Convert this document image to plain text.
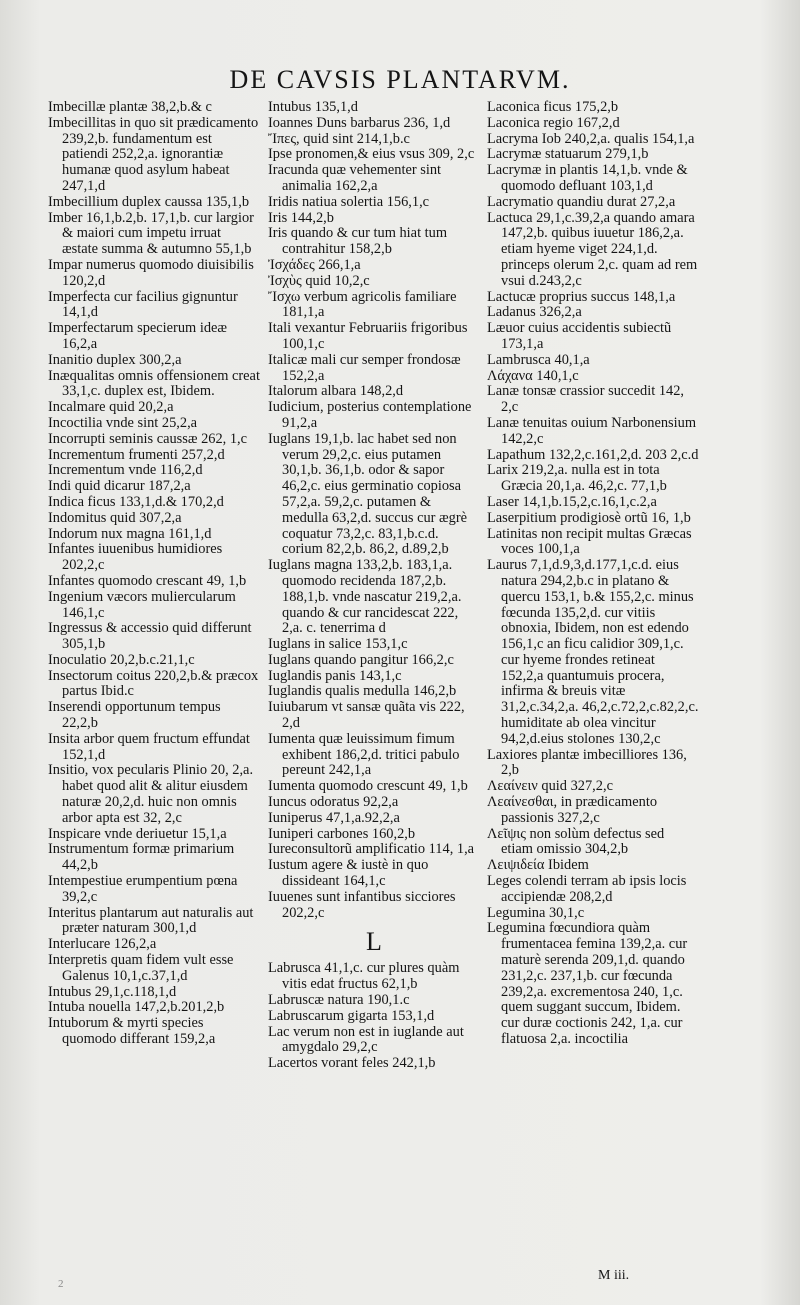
DE CAVSIS PLANTARVM.

Imbecillæ plantæ 38,2,b.& c

Imbecillitas in quo sit prædicamento 239,2,b. fundamentum est patiendi 252,2,a. ignorantiæ humanæ quod asylum habeat 247,1,d

Imbecillium duplex caussa 135,1,b

Imber 16,1,b.2,b. 17,1,b. cur largior & maiori cum impetu irruat æstate summa & autumno 55,1,b

Impar numerus quomodo diuisibilis 120,2,d

Imperfecta cur facilius gignuntur 14,1,d

Imperfectarum specierum ideæ 16,2,a

Inanitio duplex 300,2,a

Inæqualitas omnis offensionem creat 33,1,c. duplex est, Ibidem.

Incalmare quid 20,2,a

Incoctilia vnde sint 25,2,a

Incorrupti seminis caussæ 262, 1,c

Incrementum frumenti 257,2,d

Incrementum vnde 116,2,d

Indi quid dicarur 187,2,a

Indica ficus 133,1,d.& 170,2,d

Indomitus quid 307,2,a

Indorum nux magna 161,1,d

Infantes iuuenibus humidiores 202,2,c

Infantes quomodo crescant 49, 1,b

Ingenium væcors muliercularum 146,1,c

Ingressus & accessio quid differunt 305,1,b

Inoculatio 20,2,b.c.21,1,c

Insectorum coitus 220,2,b.& præcox partus Ibid.c

Inserendi opportunum tempus 22,2,b

Insita arbor quem fructum effundat 152,1,d

Insitio, vox pecularis Plinio 20, 2,a. habet quod alit & alitur eiusdem naturæ 20,2,d. huic non omnis arbor apta est 32, 2,c

Inspicare vnde deriuetur 15,1,a

Instrumentum formæ primarium 44,2,b

Intempestiue erumpentium pœna 39,2,c

Interitus plantarum aut naturalis aut præter naturam 300,1,d

Interlucare 126,2,a

Interpretis quam fidem vult esse Galenus 10,1,c.37,1,d

Intubus 29,1,c.118,1,d

Intuba nouella 147,2,b.201,2,b

Intuborum & myrti species quomodo differant 159,2,a

Intubus 135,1,d

Ioannes Duns barbarus 236, 1,d

Ἴπες, quid sint 214,1,b.c

Ipse pronomen,& eius vsus 309, 2,c

Iracunda quæ vehementer sint animalia 162,2,a

Iridis natiua solertia 156,1,c

Iris 144,2,b

Iris quando & cur tum hiat tum contrahitur 158,2,b

Ἰσχάδες 266,1,a

Ἰσχὺς quid 10,2,c

Ἴσχω verbum agricolis familiare 181,1,a

Itali vexantur Februariis frigoribus 100,1,c

Italicæ mali cur semper frondosæ 152,2,a

Italorum albara 148,2,d

Iudicium, posterius contemplatione 91,2,a

Iuglans 19,1,b. lac habet sed non verum 29,2,c. eius putamen 30,1,b. 36,1,b. odor & sapor 46,2,c. eius germinatio copiosa 57,2,a. 59,2,c. putamen & medulla 63,2,d. succus cur ægrè coquatur 73,2,c. 83,1,b.c.d. corium 82,2,b. 86,2, d.89,2,b

Iuglans magna 133,2,b. 183,1,a. quomodo recidenda 187,2,b. 188,1,b. vnde nascatur 219,2,a. quando & cur rancidescat 222, 2,a. c. tenerrima d

Iuglans in salice 153,1,c

Iuglans quando pangitur 166,2,c

Iuglandis panis 143,1,c

Iuglandis qualis medulla 146,2,b

Iuiubarum vt sansæ quãta vis 222, 2,d

Iumenta quæ leuissimum fimum exhibent 186,2,d. tritici pabulo pereunt 242,1,a

Iumenta quomodo crescunt 49, 1,b

Iuncus odoratus 92,2,a

Iuniperus 47,1,a.92,2,a

Iuniperi carbones 160,2,b

Iureconsultorũ amplificatio 114, 1,a

Iustum agere & iustè in quo dissideant 164,1,c

Iuuenes sunt infantibus sicciores 202,2,c

L

Labrusca 41,1,c. cur plures quàm vitis edat fructus 62,1,b

Labruscæ natura 190,1.c

Labruscarum gigarta 153,1,d

Lac verum non est in iuglande aut amygdalo 29,2,c

Lacertos vorant feles 242,1,b

Laconica ficus 175,2,b

Laconica regio 167,2,d

Lacryma Iob 240,2,a. qualis 154,1,a

Lacrymæ statuarum 279,1,b

Lacrymæ in plantis 14,1,b. vnde & quomodo defluant 103,1,d

Lacrymatio quandiu durat 27,2,a

Lactuca 29,1,c.39,2,a quando amara 147,2,b. quibus iuuetur 186,2,a. etiam hyeme viget 224,1,d. princeps olerum 2,c. quam ad rem vsui d.243,2,c

Lactucæ proprius succus 148,1,a

Ladanus 326,2,a

Læuor cuius accidentis subiectũ 173,1,a

Lambrusca 40,1,a

Λάχανα 140,1,c

Lanæ tonsæ crassior succedit 142, 2,c

Lanæ tenuitas ouium Narbonensium 142,2,c

Lapathum 132,2,c.161,2,d. 203 2,c.d

Larix 219,2,a. nulla est in tota Græcia 20,1,a. 46,2,c. 77,1,b

Laser 14,1,b.15,2,c.16,1,c.2,a

Laserpitium prodigiosè ortũ 16, 1,b

Latinitas non recipit multas Græcas voces 100,1,a

Laurus 7,1,d.9,3,d.177,1,c.d. eius natura 294,2,b.c in platano & quercu 153,1, b.& 155,2,c. minus fœcunda 135,2,d. cur vitiis obnoxia, Ibidem, non est edendo 156,1,c an ficu calidior 309,1,c. cur hyeme frondes retineat 152,2,a quantumuis procera, infirma & breuis vitæ 31,2,c.34,2,a. 46,2,c.72,2,c.82,2,c. humiditate ab olea vincitur 94,2,d.eius stolones 130,2,c

Laxiores plantæ imbecilliores 136, 2,b

Λεαίνειν quid 327,2,c

Λεαίνεσθαι, in prædicamento passionis 327,2,c

Λεῖψις non solùm defectus sed etiam omissio 304,2,b

Λειψιδεία Ibidem

Leges colendi terram ab ipsis locis accipiendæ 208,2,d

Legumina 30,1,c

Legumina fœcundiora quàm frumentacea femina 139,2,a. cur maturè serenda 209,1,d. quando 231,2,c. 237,1,b. cur fœcunda 239,2,a. excrementosa 240, 1,c. quem suggant succum, Ibidem. cur duræ coctionis 242, 1,a. cur flatuosa 2,a. incoctilia

M iii.
2
